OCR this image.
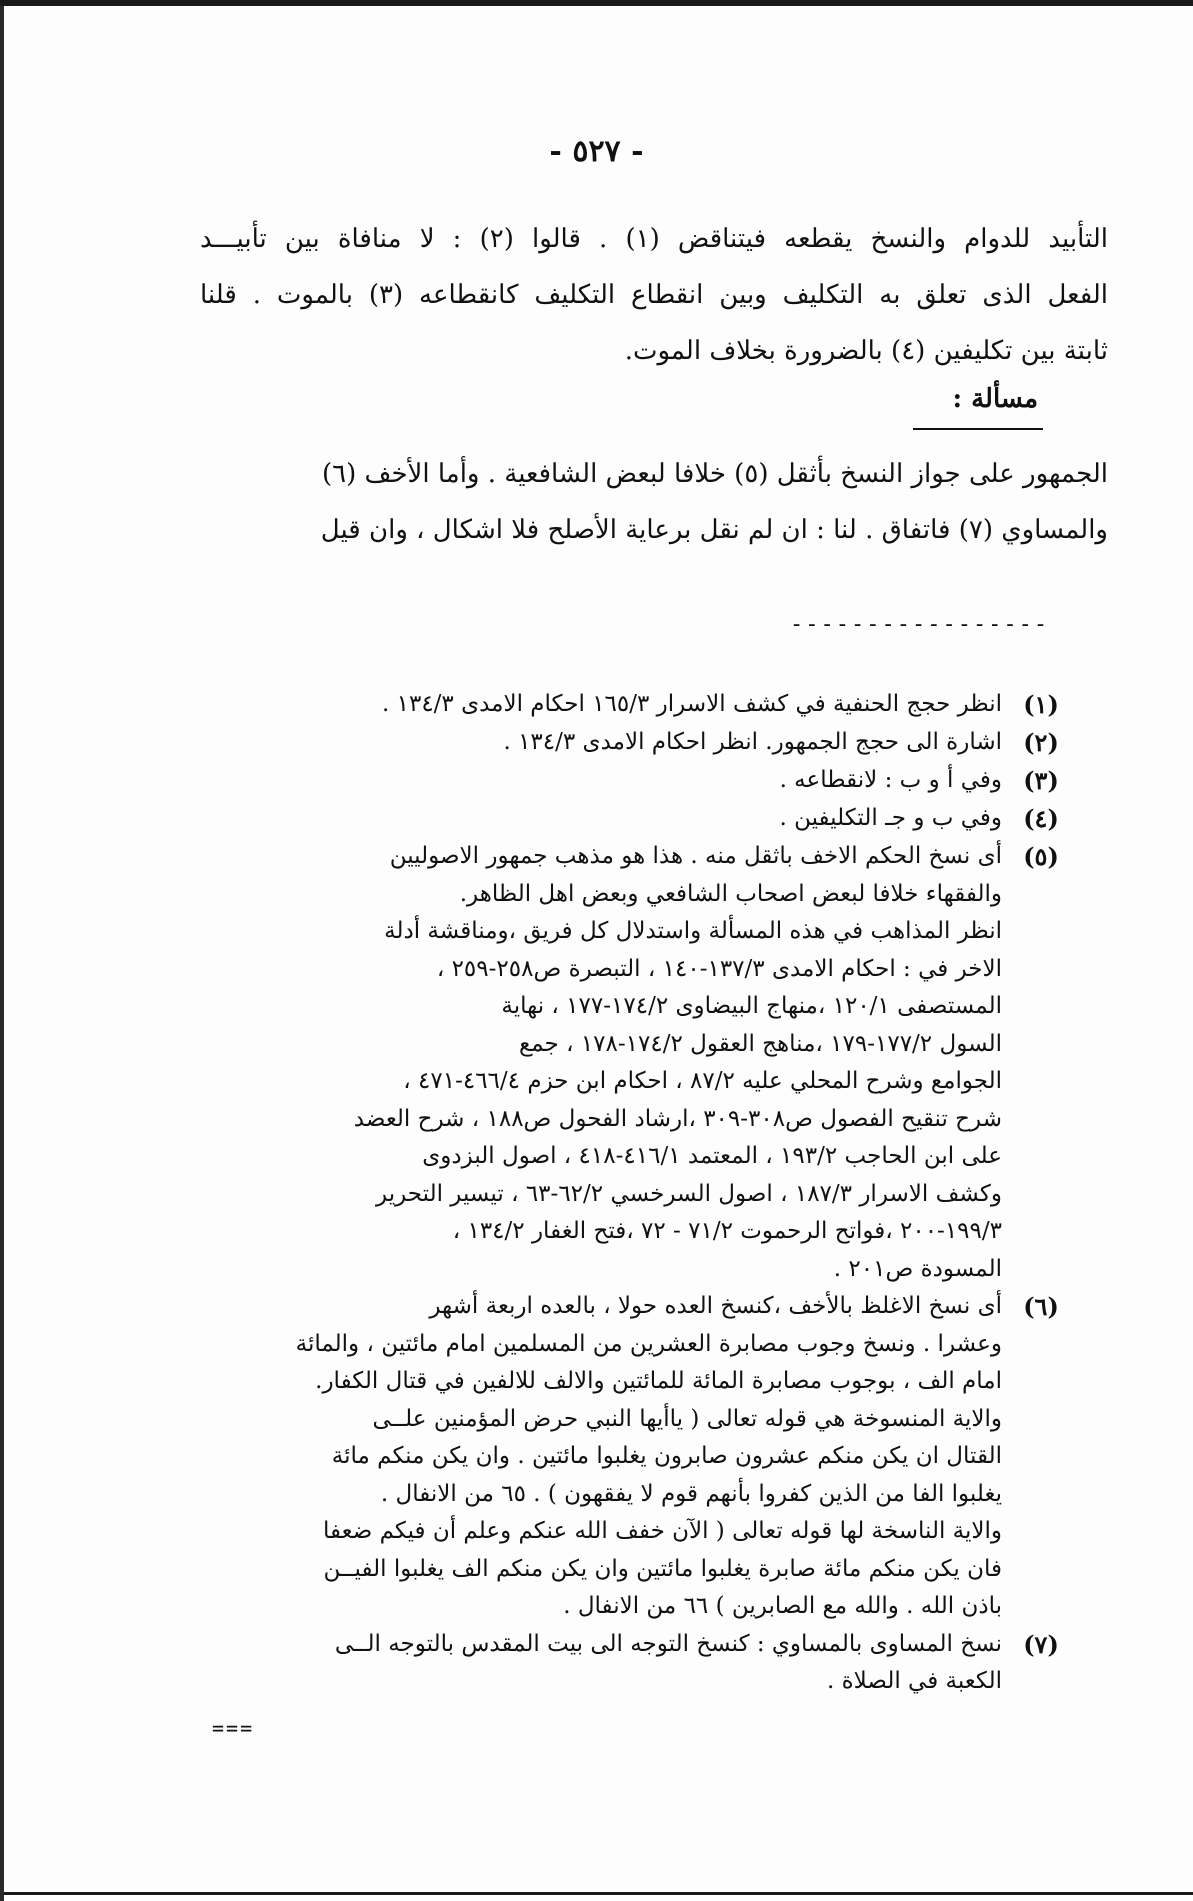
- ٥٢٧ -

التأبيد للدوام والنسخ يقطعه فيتناقض (١) . قالوا (٢) : لا منافاة بين تأبيـــد

الفعل الذى تعلق به التكليف وبين انقطاع التكليف كانقطاعه (٣) بالموت . قلنا

ثابتة بين تكليفين (٤) بالضرورة بخلاف الموت.

مسألة :

الجمهور على جواز النسخ بأثقل (٥) خلافا لبعض الشافعية . وأما الأخف (٦)

والمساوي (٧) فاتفاق . لنا : ان لم نقل برعاية الأصلح فلا اشكال ، وان قيل

-----------------
(١)
انظر حجج الحنفية في كشف الاسرار ١٦٥/٣ احكام الامدى ١٣٤/٣ .
(٢)
اشارة الى حجج الجمهور. انظر احكام الامدى ١٣٤/٣ .
(٣)
وفي أ و ب : لانقطاعه .
(٤)
وفي ب و جـ التكليفين .
(٥)
أى نسخ الحكم الاخف باثقل منه . هذا هو مذهب جمهور الاصوليين
والفقهاء خلافا لبعض اصحاب الشافعي وبعض اهل الظاهر.
انظر المذاهب في هذه المسألة واستدلال كل فريق ،ومناقشة أدلة
الاخر في : احكام الامدى ١٣٧/٣-١٤٠ ، التبصرة ص٢٥٨-٢٥٩ ،
المستصفى ١٢٠/١ ،منهاج البيضاوى ١٧٤/٢-١٧٧ ، نهاية
السول ١٧٧/٢-١٧٩ ،مناهج العقول ١٧٤/٢-١٧٨ ، جمع
الجوامع وشرح المحلي عليه ٨٧/٢ ، احكام ابن حزم ٤٦٦/٤-٤٧١ ،
شرح تنقيح الفصول ص٣٠٨-٣٠٩ ،ارشاد الفحول ص١٨٨ ، شرح العضد
على ابن الحاجب ١٩٣/٢ ، المعتمد ٤١٦/١-٤١٨ ، اصول البزدوى
وكشف الاسرار ١٨٧/٣ ، اصول السرخسي ٦٢/٢-٦٣ ، تيسير التحرير
١٩٩/٣-٢٠٠ ،فواتح الرحموت ٧١/٢ - ٧٢ ،فتح الغفار ١٣٤/٢ ،
المسودة ص٢٠١ .
(٦)
أى نسخ الاغلظ بالأخف ،كنسخ العده حولا ، بالعده اربعة أشهر
وعشرا . ونسخ وجوب مصابرة العشرين من المسلمين امام مائتين ، والمائة
امام الف ، بوجوب مصابرة المائة للمائتين والالف للالفين في قتال الكفار.
والاية المنسوخة هي قوله تعالى ( ياأيها النبي حرض المؤمنين علــى
القتال ان يكن منكم عشرون صابرون يغلبوا مائتين . وان يكن منكم مائة
يغلبوا الفا من الذين كفروا بأنهم قوم لا يفقهون ) . ٦٥ من الانفال .
والاية الناسخة لها قوله تعالى ( الآن خفف الله عنكم وعلم أن فيكم ضعفا
فان يكن منكم مائة صابرة يغلبوا مائتين وان يكن منكم الف يغلبوا الفيــن
باذن الله . والله مع الصابرين ) ٦٦ من الانفال .
(٧)
نسخ المساوى بالمساوي : كنسخ التوجه الى بيت المقدس بالتوجه الــى
الكعبة في الصلاة .
===
